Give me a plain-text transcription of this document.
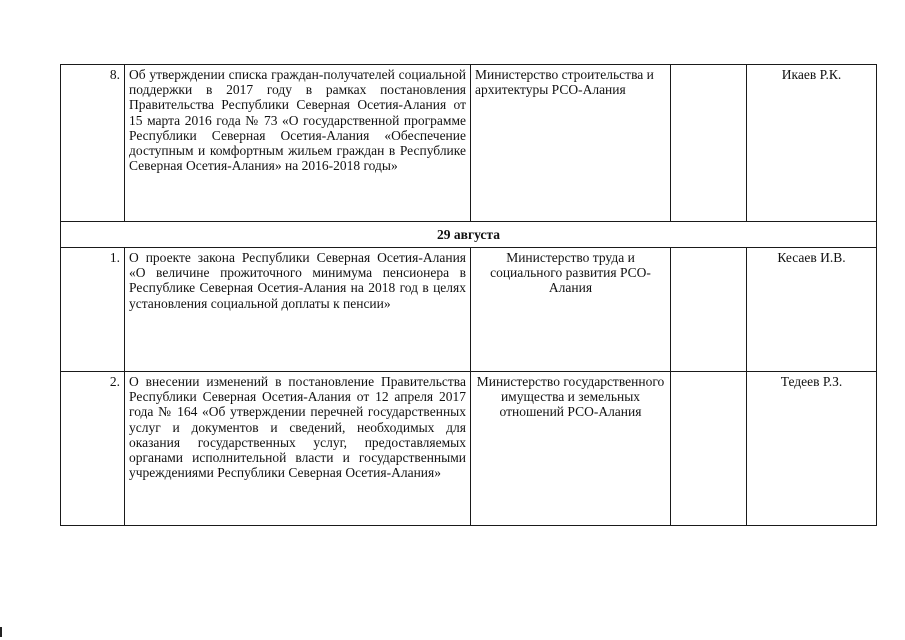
8.	Об утверждении списка граждан-получателей социальной поддержки в 2017 году в рамках постановления Правительства Республики Северная Осетия-Алания от 15 марта 2016 года № 73 «О государственной программе Республики Северная Осетия-Алания «Обеспечение доступным и комфортным жильем граждан в Республике Северная Осетия-Алания» на 2016-2018 годы»	Министерство строительства и архитектуры РСО-Алания		Икаев Р.К.
29 августа				
1.	О проекте закона Республики Северная Осетия-Алания «О величине прожиточного минимума пенсионера в Республике Северная Осетия-Алания на 2018 год в целях установления социальной доплаты к пенсии»	Министерство труда и социального развития РСО-Алания		Кесаев И.В.
2.	О внесении изменений в постановление Правительства Республики Северная Осетия-Алания от 12 апреля 2017 года № 164 «Об утверждении перечней государственных услуг и документов и сведений, необходимых для оказания государственных услуг, предоставляемых органами исполнительной власти и государственными учреждениями Республики Северная Осетия-Алания»	Министерство государственного имущества и земельных отношений РСО-Алания		Тедеев Р.З.
